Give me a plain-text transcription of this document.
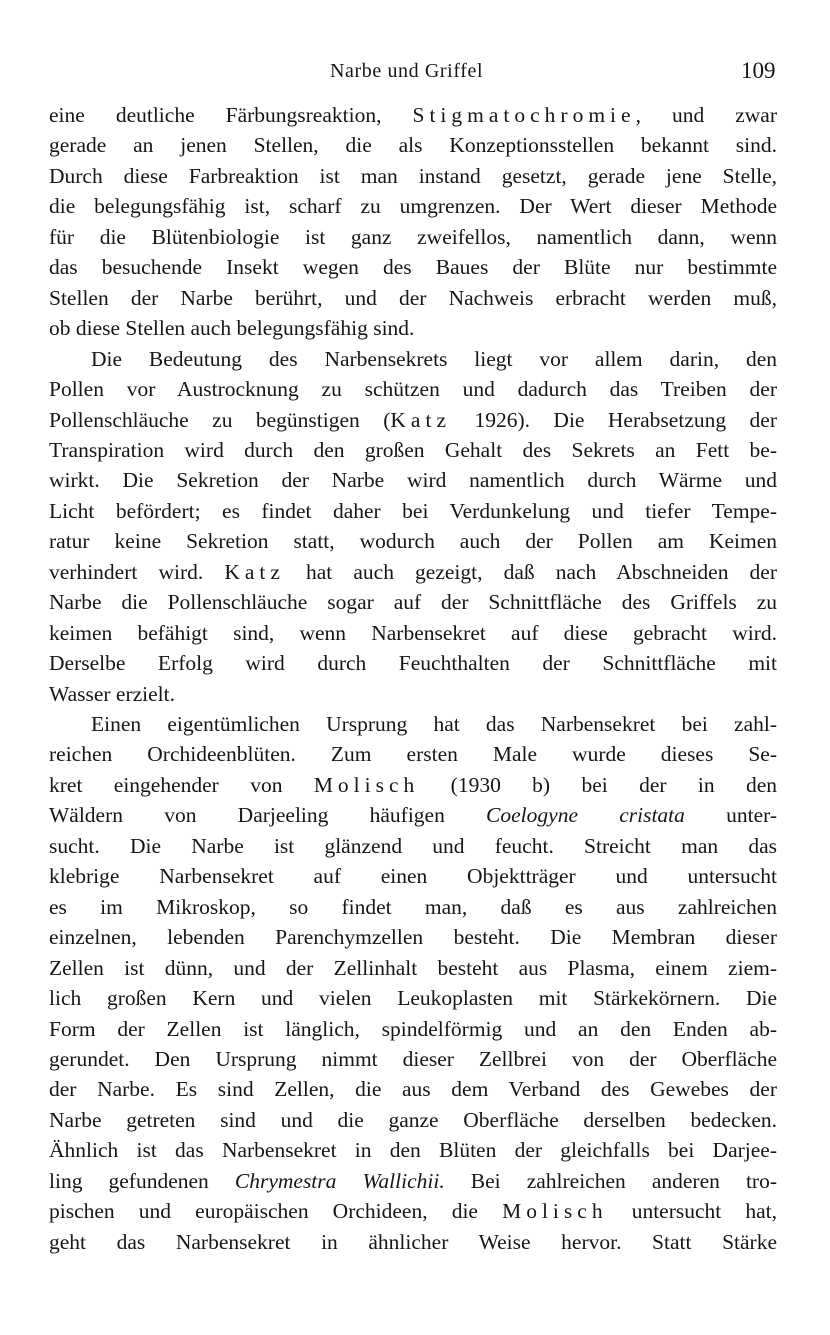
Narbe und Griffel	109
eine deutliche Färbungsreaktion, Stigmatochromie, und zwar
gerade an jenen Stellen, die als Konzeptionsstellen bekannt sind.
Durch diese Farbreaktion ist man instand gesetzt, gerade jene Stelle,
die belegungsfähig ist, scharf zu umgrenzen. Der Wert dieser Methode
für die Blütenbiologie ist ganz zweifellos, namentlich dann, wenn
das besuchende Insekt wegen des Baues der Blüte nur bestimmte
Stellen der Narbe berührt, und der Nachweis erbracht werden muß,
ob diese Stellen auch belegungsfähig sind.
Die Bedeutung des Narbensekrets liegt vor allem darin, den
Pollen vor Austrocknung zu schützen und dadurch das Treiben der
Pollenschläuche zu begünstigen (Katz 1926). Die Herabsetzung der
Transpiration wird durch den großen Gehalt des Sekrets an Fett be-
wirkt. Die Sekretion der Narbe wird namentlich durch Wärme und
Licht befördert; es findet daher bei Verdunkelung und tiefer Tempe-
ratur keine Sekretion statt, wodurch auch der Pollen am Keimen
verhindert wird. Katz hat auch gezeigt, daß nach Abschneiden der
Narbe die Pollenschläuche sogar auf der Schnittfläche des Griffels zu
keimen befähigt sind, wenn Narbensekret auf diese gebracht wird.
Derselbe Erfolg wird durch Feuchthalten der Schnittfläche mit
Wasser erzielt.
Einen eigentümlichen Ursprung hat das Narbensekret bei zahl-
reichen Orchideenblüten. Zum ersten Male wurde dieses Se-
kret eingehender von Molisch (1930 b) bei der in den
Wäldern von Darjeeling häufigen Coelogyne cristata unter-
sucht. Die Narbe ist glänzend und feucht. Streicht man das
klebrige Narbensekret auf einen Objektträger und untersucht
es im Mikroskop, so findet man, daß es aus zahlreichen
einzelnen, lebenden Parenchymzellen besteht. Die Membran dieser
Zellen ist dünn, und der Zellinhalt besteht aus Plasma, einem ziem-
lich großen Kern und vielen Leukoplasten mit Stärkekörnern. Die
Form der Zellen ist länglich, spindelförmig und an den Enden ab-
gerundet. Den Ursprung nimmt dieser Zellbrei von der Oberfläche
der Narbe. Es sind Zellen, die aus dem Verband des Gewebes der
Narbe getreten sind und die ganze Oberfläche derselben bedecken.
Ähnlich ist das Narbensekret in den Blüten der gleichfalls bei Darjee-
ling gefundenen Chrymestra Wallichii. Bei zahlreichen anderen tro-
pischen und europäischen Orchideen, die Molisch untersucht hat,
geht das Narbensekret in ähnlicher Weise hervor. Statt Stärke
